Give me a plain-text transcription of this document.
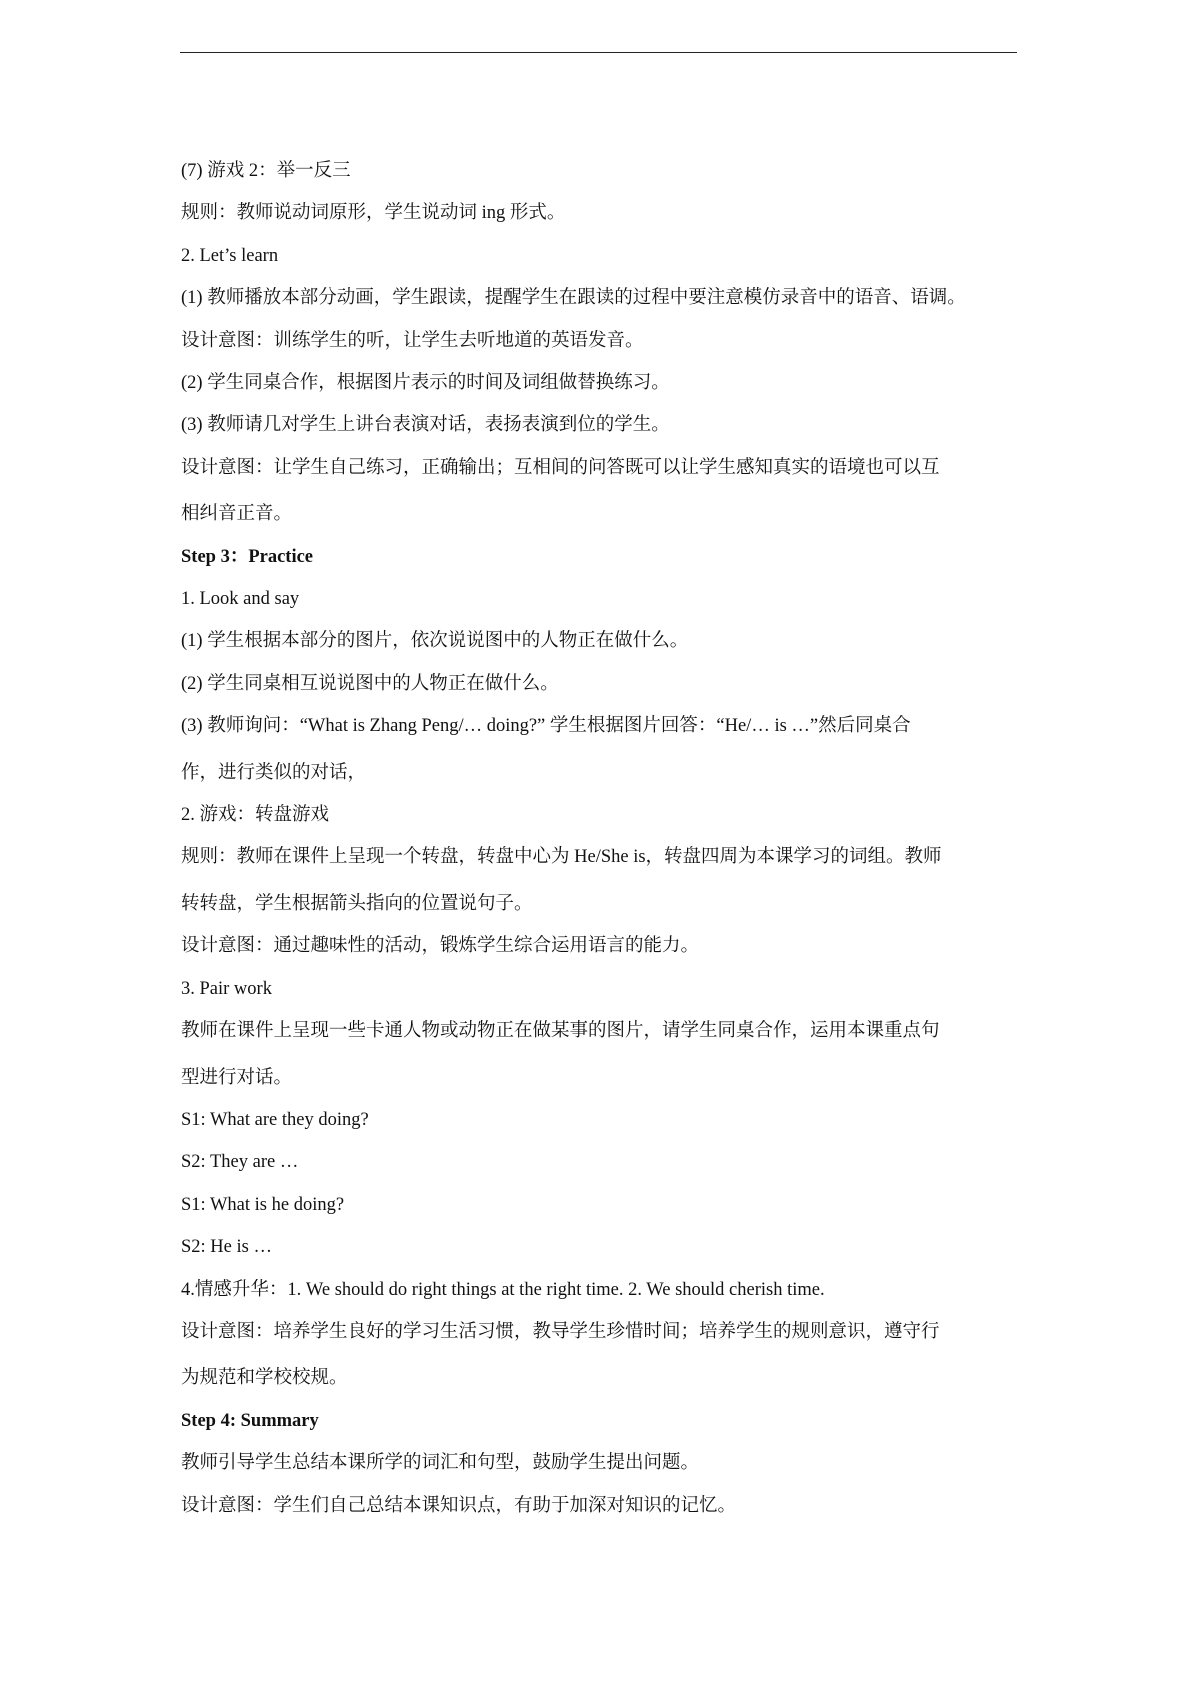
(7) 游戏 2：举一反三
规则：教师说动词原形，学生说动词 ing 形式。
2. Let’s learn
(1) 教师播放本部分动画，学生跟读，提醒学生在跟读的过程中要注意模仿录音中的语音、语调。
设计意图：训练学生的听，让学生去听地道的英语发音。
(2) 学生同桌合作，根据图片表示的时间及词组做替换练习。
(3) 教师请几对学生上讲台表演对话，表扬表演到位的学生。
设计意图：让学生自己练习，正确输出；互相间的问答既可以让学生感知真实的语境也可以互
相纠音正音。
Step 3：Practice
1. Look and say
(1) 学生根据本部分的图片，依次说说图中的人物正在做什么。
(2) 学生同桌相互说说图中的人物正在做什么。
(3) 教师询问：“What is Zhang Peng/… doing?” 学生根据图片回答：“He/… is …”然后同桌合
作，进行类似的对话，
2. 游戏：转盘游戏
规则：教师在课件上呈现一个转盘，转盘中心为 He/She is，转盘四周为本课学习的词组。教师
转转盘，学生根据箭头指向的位置说句子。
设计意图：通过趣味性的活动，锻炼学生综合运用语言的能力。
3. Pair work
教师在课件上呈现一些卡通人物或动物正在做某事的图片，请学生同桌合作，运用本课重点句
型进行对话。
S1: What are they doing?
S2: They are …
S1: What is he doing?
S2: He is …
4.情感升华：1. We should do right things at the right time. 2. We should cherish time.
设计意图：培养学生良好的学习生活习惯，教导学生珍惜时间；培养学生的规则意识，遵守行
为规范和学校校规。
Step 4: Summary
教师引导学生总结本课所学的词汇和句型，鼓励学生提出问题。
设计意图：学生们自己总结本课知识点，有助于加深对知识的记忆。
